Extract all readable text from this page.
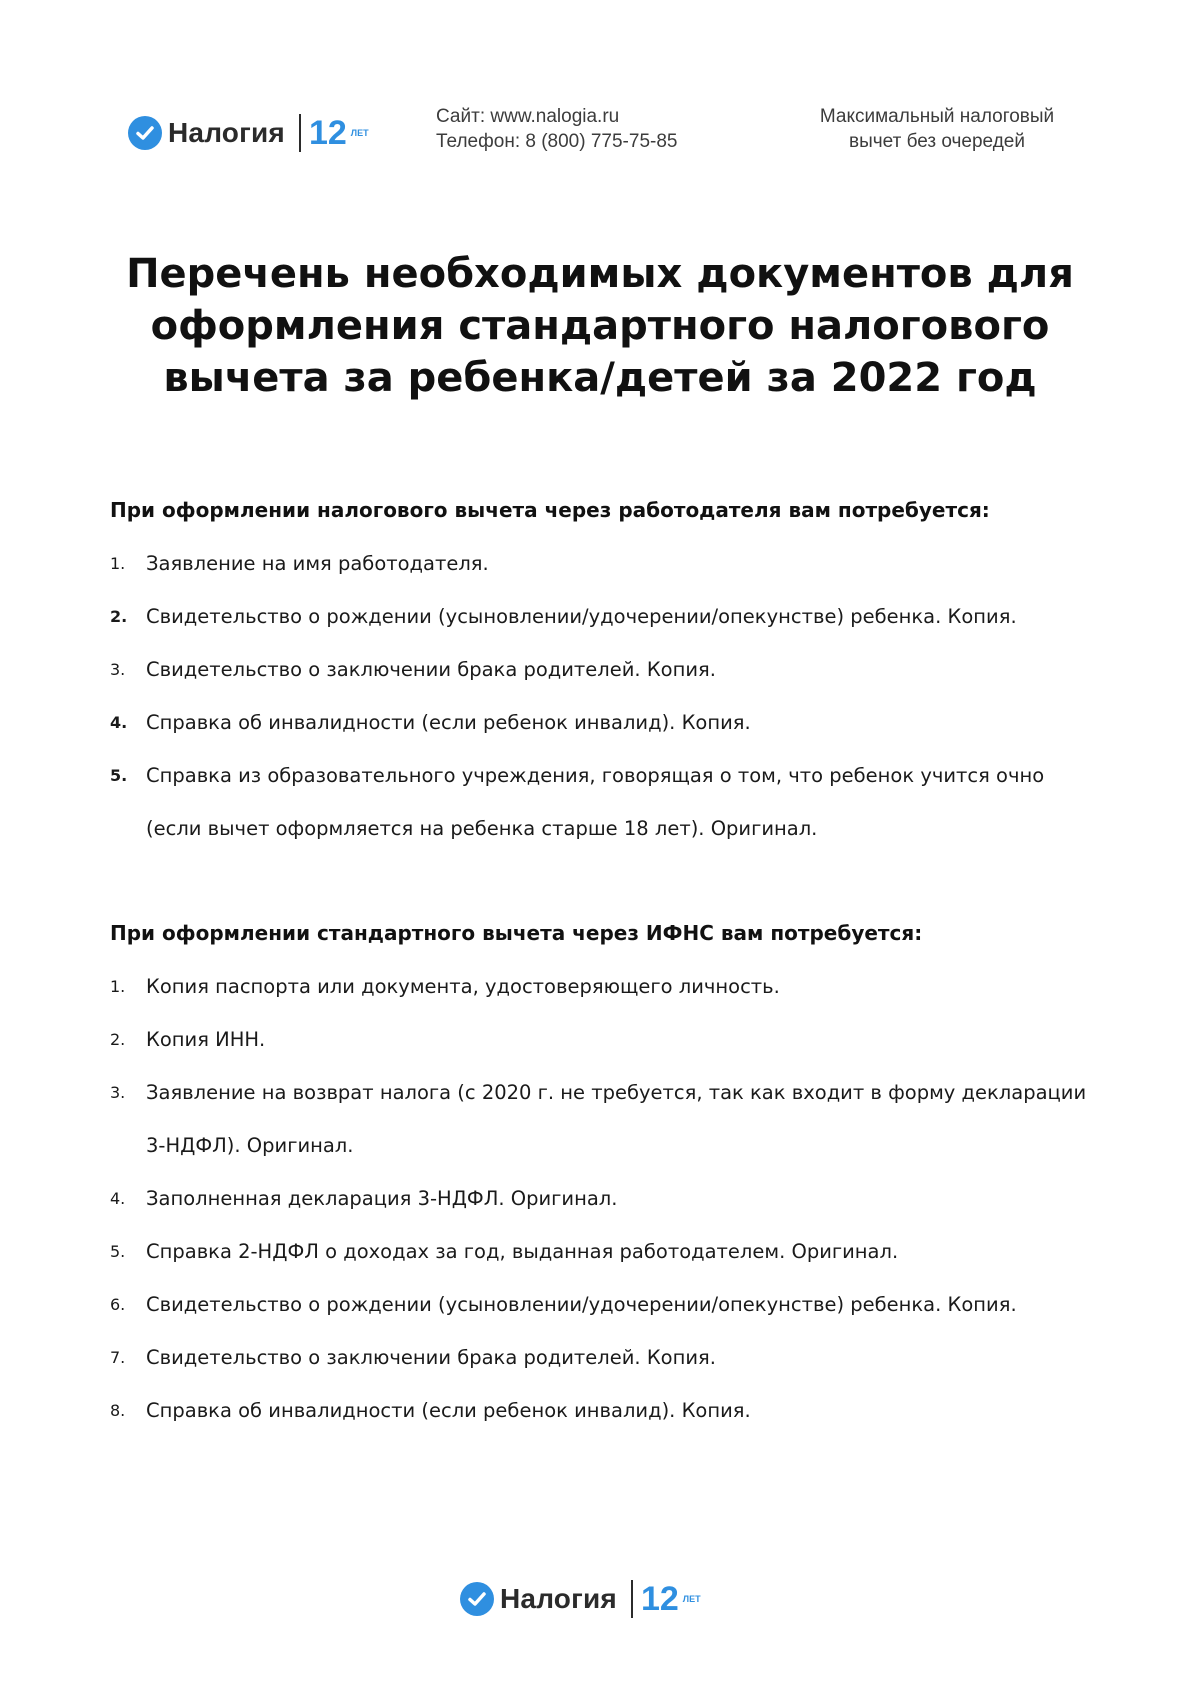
Налогия 12 ЛЕТ
Сайт: www.nalogia.ru
Телефон: 8 (800) 775-75-85
Максимальный налоговый
вычет без очередей
Перечень необходимых документов для
оформления стандартного налогового
вычета за ребенка/детей за 2022 год
При оформлении налогового вычета через работодателя вам потребуется:
1. Заявление на имя работодателя.
2. Свидетельство о рождении (усыновлении/удочерении/опекунстве) ребенка. Копия.
3. Свидетельство о заключении брака родителей. Копия.
4. Справка об инвалидности (если ребенок инвалид). Копия.
5. Справка из образовательного учреждения, говорящая о том, что ребенок учится очно (если вычет оформляется на ребенка старше 18 лет). Оригинал.
При оформлении стандартного вычета через ИФНС вам потребуется:
1. Копия паспорта или документа, удостоверяющего личность.
2. Копия ИНН.
3. Заявление на возврат налога (с 2020 г. не требуется, так как входит в форму декларации 3-НДФЛ). Оригинал.
4. Заполненная декларация 3-НДФЛ. Оригинал.
5. Справка 2-НДФЛ о доходах за год, выданная работодателем. Оригинал.
6. Свидетельство о рождении (усыновлении/удочерении/опекунстве) ребенка. Копия.
7. Свидетельство о заключении брака родителей. Копия.
8. Справка об инвалидности (если ребенок инвалид). Копия.
Налогия 12 ЛЕТ
